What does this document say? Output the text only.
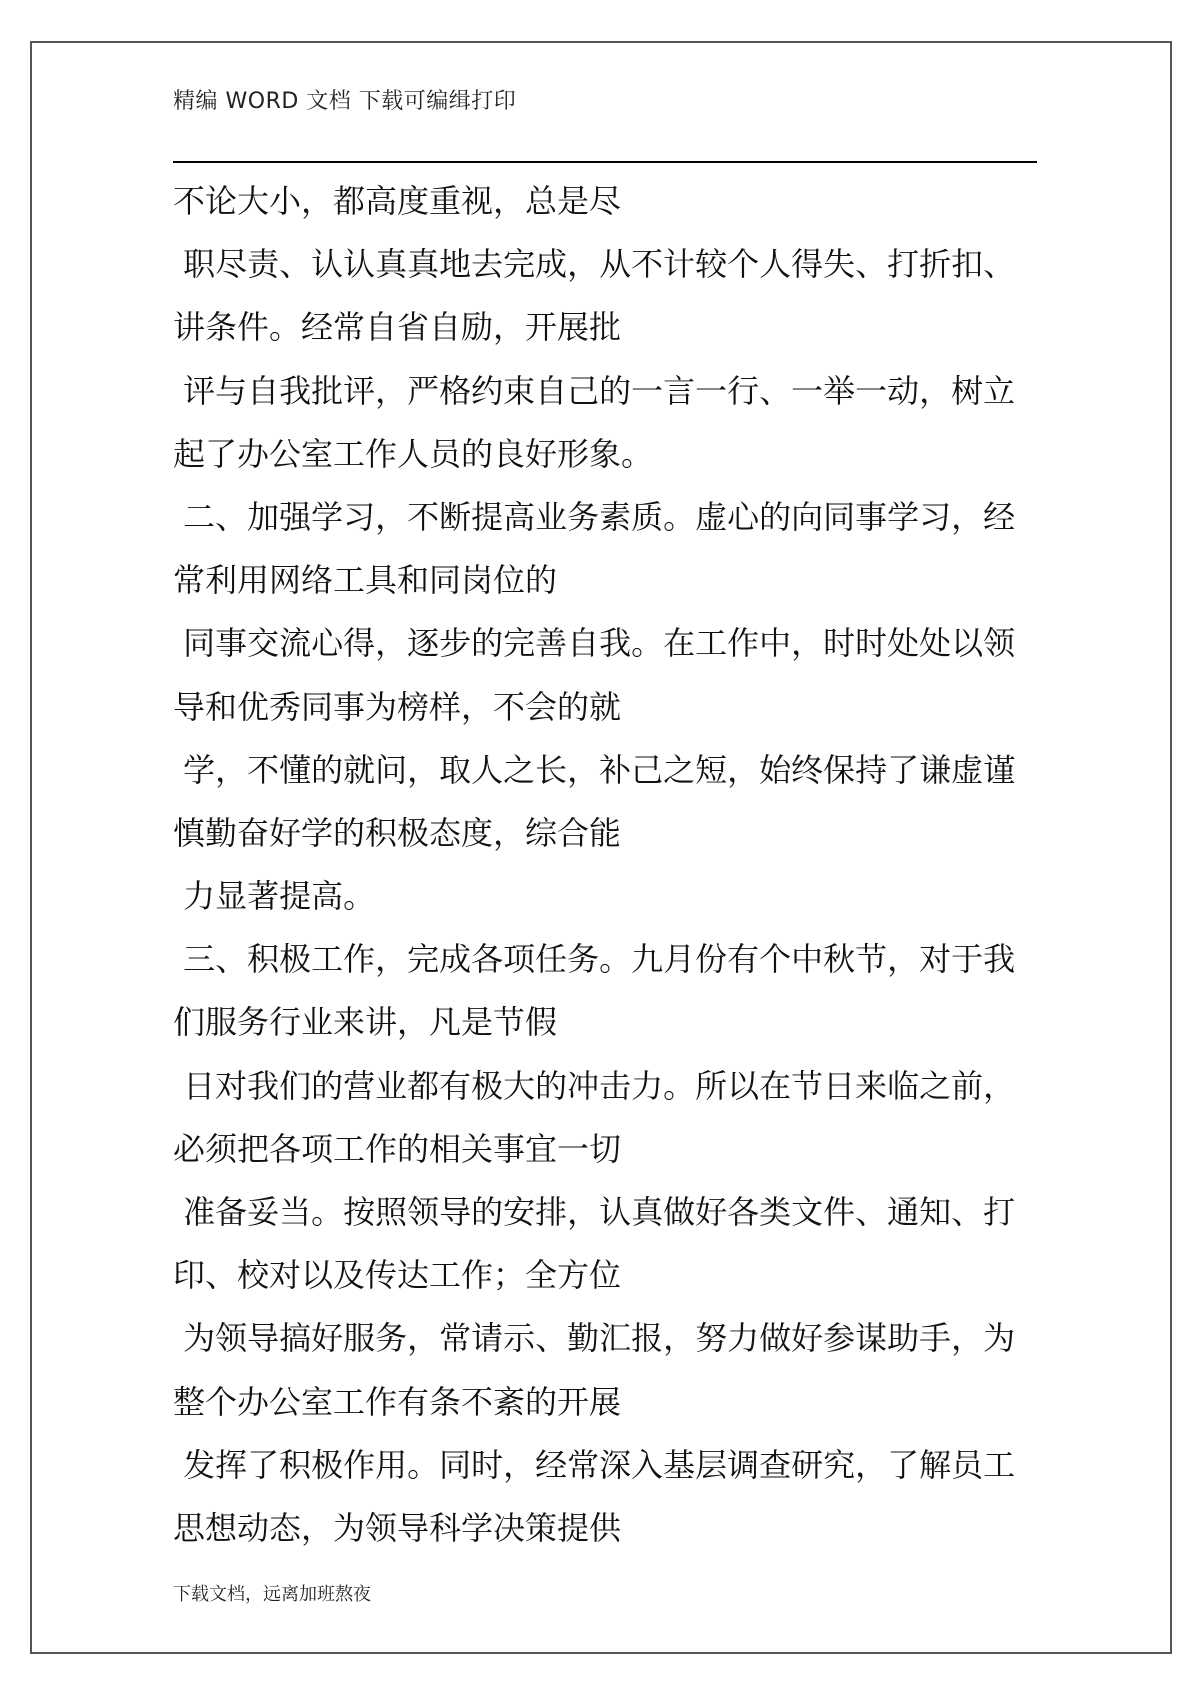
精编 WORD 文档 下载可编缉打印
不论大小，都高度重视，总是尽
职尽责、认认真真地去完成，从不计较个人得失、打折扣、
讲条件。经常自省自励，开展批
评与自我批评，严格约束自己的一言一行、一举一动，树立
起了办公室工作人员的良好形象。
二、加强学习，不断提高业务素质。虚心的向同事学习，经
常利用网络工具和同岗位的
同事交流心得，逐步的完善自我。在工作中，时时处处以领
导和优秀同事为榜样，不会的就
学，不懂的就问，取人之长，补己之短，始终保持了谦虚谨
慎勤奋好学的积极态度，综合能
力显著提高。
三、积极工作，完成各项任务。九月份有个中秋节，对于我
们服务行业来讲，凡是节假
日对我们的营业都有极大的冲击力。所以在节日来临之前，
必须把各项工作的相关事宜一切
准备妥当。按照领导的安排，认真做好各类文件、通知、打
印、校对以及传达工作；全方位
为领导搞好服务，常请示、勤汇报，努力做好参谋助手，为
整个办公室工作有条不紊的开展
发挥了积极作用。同时，经常深入基层调查研究，了解员工
思想动态，为领导科学决策提供
下载文档，远离加班熬夜
